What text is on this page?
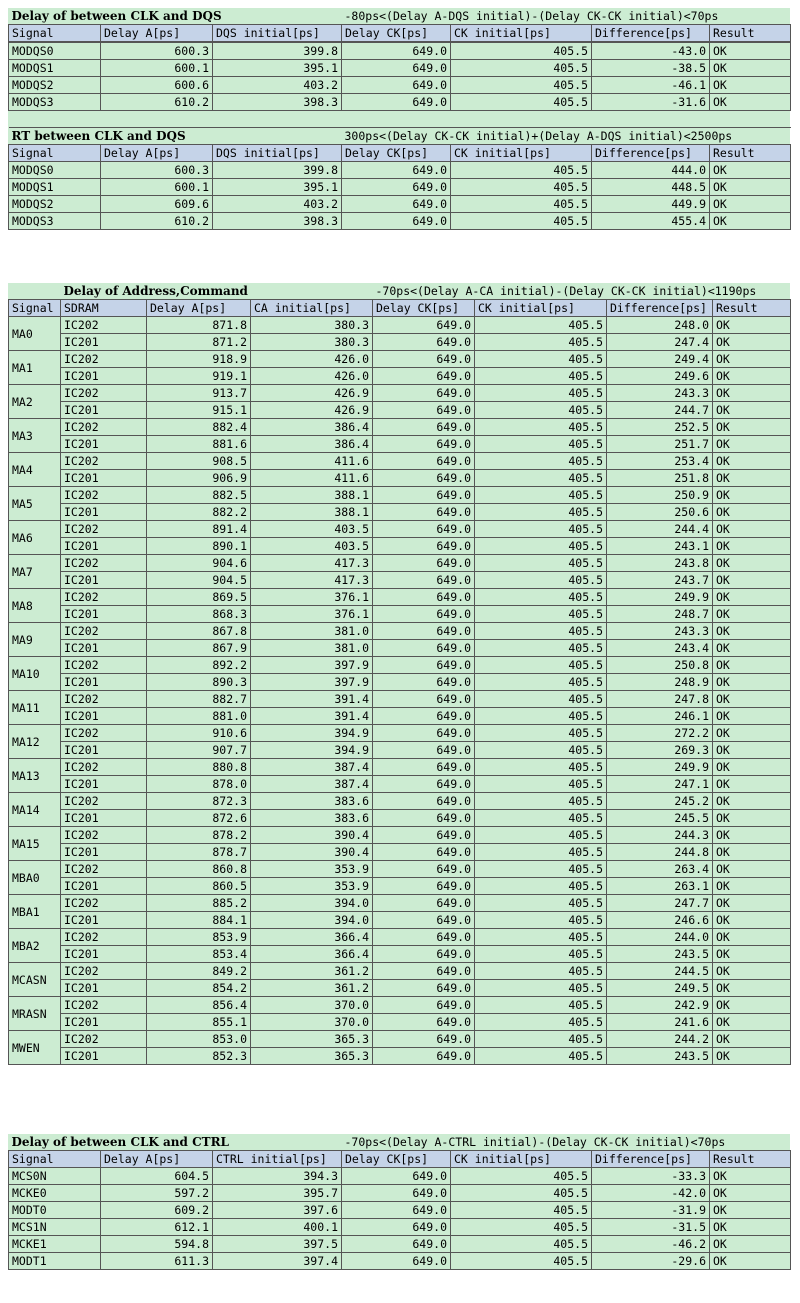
Delay of between CLK and DQS			-80ps<(Delay A-DQS initial)-(Delay CK-CK initial)<70ps			
Signal	Delay A[ps]	DQS initial[ps]	Delay CK[ps]	CK initial[ps]	Difference[ps]	Result
MODQS0	600.3	399.8	649.0	405.5	-43.0	OK
MODQS1	600.1	395.1	649.0	405.5	-38.5	OK
MODQS2	600.6	403.2	649.0	405.5	-46.1	OK
MODQS3	610.2	398.3	649.0	405.5	-31.6	OK

RT between CLK and DQS			300ps<(Delay CK-CK initial)+(Delay A-DQS initial)<2500ps			
Signal	Delay A[ps]	DQS initial[ps]	Delay CK[ps]	CK initial[ps]	Difference[ps]	Result
MODQS0	600.3	399.8	649.0	405.5	444.0	OK
MODQS1	600.1	395.1	649.0	405.5	448.5	OK
MODQS2	609.6	403.2	649.0	405.5	449.9	OK
MODQS3	610.2	398.3	649.0	405.5	455.4	OK
	Delay of Address,Command			-70ps<(Delay A-CA initial)-(Delay CK-CK initial)<1190ps			
Signal	SDRAM	Delay A[ps]	CA initial[ps]	Delay CK[ps]	CK initial[ps]	Difference[ps]	Result
MA0	IC202	871.8	380.3	649.0	405.5	248.0	OK
	IC201	871.2	380.3	649.0	405.5	247.4	OK
MA1	IC202	918.9	426.0	649.0	405.5	249.4	OK
	IC201	919.1	426.0	649.0	405.5	249.6	OK
MA2	IC202	913.7	426.9	649.0	405.5	243.3	OK
	IC201	915.1	426.9	649.0	405.5	244.7	OK
MA3	IC202	882.4	386.4	649.0	405.5	252.5	OK
	IC201	881.6	386.4	649.0	405.5	251.7	OK
MA4	IC202	908.5	411.6	649.0	405.5	253.4	OK
	IC201	906.9	411.6	649.0	405.5	251.8	OK
MA5	IC202	882.5	388.1	649.0	405.5	250.9	OK
	IC201	882.2	388.1	649.0	405.5	250.6	OK
MA6	IC202	891.4	403.5	649.0	405.5	244.4	OK
	IC201	890.1	403.5	649.0	405.5	243.1	OK
MA7	IC202	904.6	417.3	649.0	405.5	243.8	OK
	IC201	904.5	417.3	649.0	405.5	243.7	OK
MA8	IC202	869.5	376.1	649.0	405.5	249.9	OK
	IC201	868.3	376.1	649.0	405.5	248.7	OK
MA9	IC202	867.8	381.0	649.0	405.5	243.3	OK
	IC201	867.9	381.0	649.0	405.5	243.4	OK
MA10	IC202	892.2	397.9	649.0	405.5	250.8	OK
	IC201	890.3	397.9	649.0	405.5	248.9	OK
MA11	IC202	882.7	391.4	649.0	405.5	247.8	OK
	IC201	881.0	391.4	649.0	405.5	246.1	OK
MA12	IC202	910.6	394.9	649.0	405.5	272.2	OK
	IC201	907.7	394.9	649.0	405.5	269.3	OK
MA13	IC202	880.8	387.4	649.0	405.5	249.9	OK
	IC201	878.0	387.4	649.0	405.5	247.1	OK
MA14	IC202	872.3	383.6	649.0	405.5	245.2	OK
	IC201	872.6	383.6	649.0	405.5	245.5	OK
MA15	IC202	878.2	390.4	649.0	405.5	244.3	OK
	IC201	878.7	390.4	649.0	405.5	244.8	OK
MBA0	IC202	860.8	353.9	649.0	405.5	263.4	OK
	IC201	860.5	353.9	649.0	405.5	263.1	OK
MBA1	IC202	885.2	394.0	649.0	405.5	247.7	OK
	IC201	884.1	394.0	649.0	405.5	246.6	OK
MBA2	IC202	853.9	366.4	649.0	405.5	244.0	OK
	IC201	853.4	366.4	649.0	405.5	243.5	OK
MCASN	IC202	849.2	361.2	649.0	405.5	244.5	OK
	IC201	854.2	361.2	649.0	405.5	249.5	OK
MRASN	IC202	856.4	370.0	649.0	405.5	242.9	OK
	IC201	855.1	370.0	649.0	405.5	241.6	OK
MWEN	IC202	853.0	365.3	649.0	405.5	244.2	OK
	IC201	852.3	365.3	649.0	405.5	243.5	OK
Delay of between CLK and CTRL			-70ps<(Delay A-CTRL initial)-(Delay CK-CK initial)<70ps			
Signal	Delay A[ps]	CTRL initial[ps]	Delay CK[ps]	CK initial[ps]	Difference[ps]	Result
MCS0N	604.5	394.3	649.0	405.5	-33.3	OK
MCKE0	597.2	395.7	649.0	405.5	-42.0	OK
MODT0	609.2	397.6	649.0	405.5	-31.9	OK
MCS1N	612.1	400.1	649.0	405.5	-31.5	OK
MCKE1	594.8	397.5	649.0	405.5	-46.2	OK
MODT1	611.3	397.4	649.0	405.5	-29.6	OK
